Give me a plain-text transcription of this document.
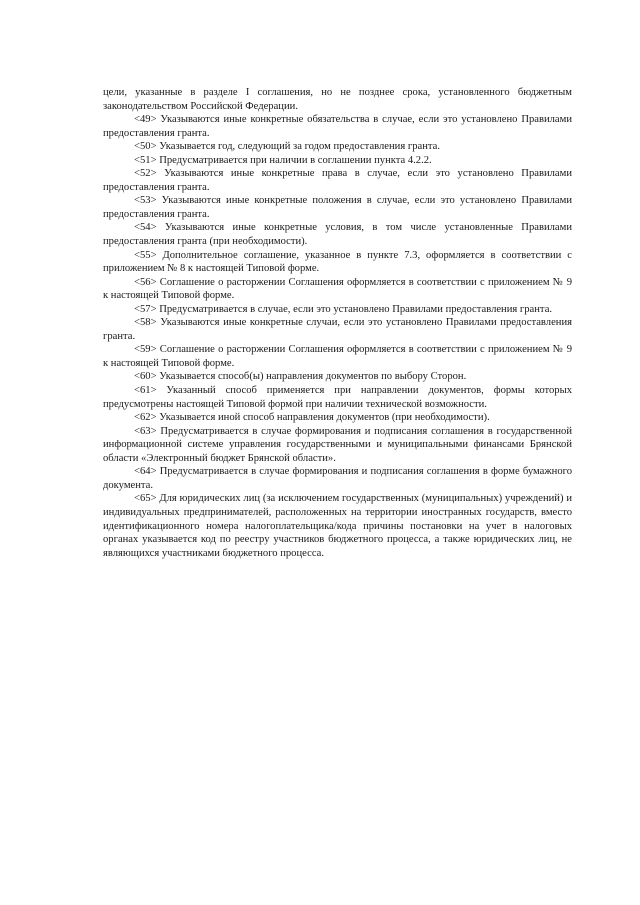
цели, указанные в разделе I соглашения, но не позднее срока, установленного бюджетным законодательством Российской Федерации.

<49> Указываются иные конкретные обязательства в случае, если это установлено Правилами предоставления гранта.

<50> Указывается год, следующий за годом предоставления гранта.

<51> Предусматривается при наличии в соглашении пункта 4.2.2.

<52> Указываются иные конкретные права в случае, если это установлено Правилами предоставления гранта.

<53> Указываются иные конкретные положения в случае, если это установлено Правилами предоставления гранта.

<54> Указываются иные конкретные условия, в том числе установленные Правилами предоставления гранта (при необходимости).

<55> Дополнительное соглашение, указанное в пункте 7.3, оформляется в соответствии с приложением № 8 к настоящей Типовой форме.

<56> Соглашение о расторжении Соглашения оформляется в соответствии с приложением № 9 к настоящей Типовой форме.

<57> Предусматривается в случае, если это установлено Правилами предоставления гранта.

<58> Указываются иные конкретные случаи, если это установлено Правилами предоставления гранта.

<59> Соглашение о расторжении Соглашения оформляется в соответствии с приложением № 9 к настоящей Типовой форме.

<60> Указывается способ(ы) направления документов по выбору Сторон.

<61> Указанный способ применяется при направлении документов, формы которых предусмотрены настоящей Типовой формой при наличии технической возможности.

<62> Указывается иной способ направления документов (при необходимости).

<63> Предусматривается в случае формирования и подписания соглашения в государственной информационной системе управления государственными и муниципальными финансами Брянской области «Электронный бюджет Брянской области».

<64> Предусматривается в случае формирования и подписания соглашения в форме бумажного документа.

<65> Для юридических лиц (за исключением государственных (муниципальных) учреждений) и индивидуальных предпринимателей, расположенных на территории иностранных государств, вместо идентификационного номера налогоплательщика/кода причины постановки на учет в налоговых органах указывается код по реестру участников бюджетного процесса, а также юридических лиц, не являющихся участниками бюджетного процесса.
